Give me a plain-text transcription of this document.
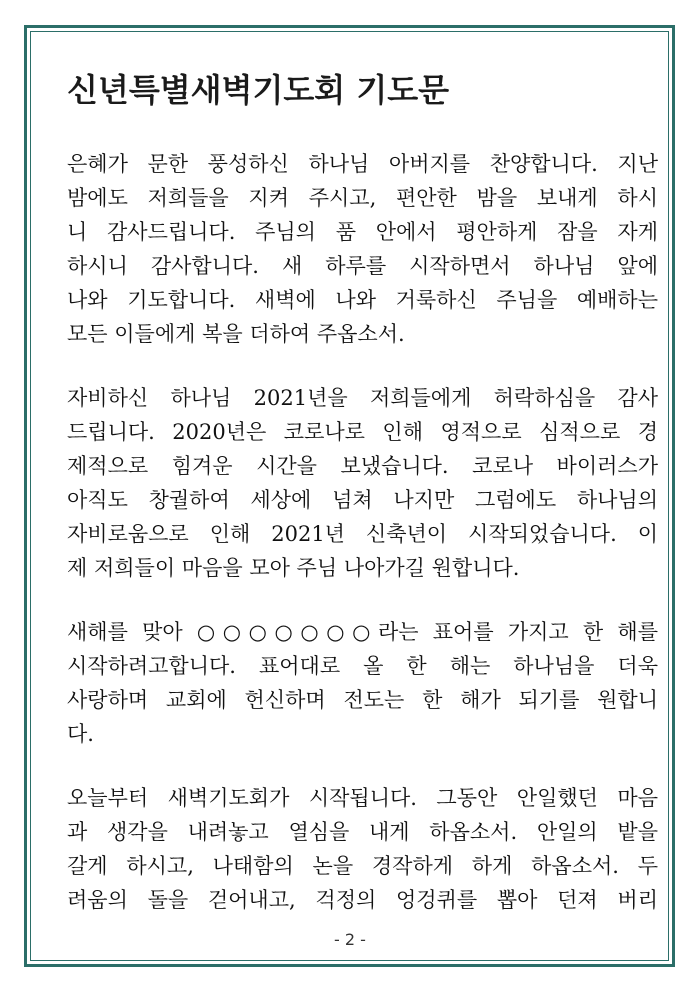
신년특별새벽기도회 기도문
은혜가 문한 풍성하신 하나님 아버지를 찬양합니다. 지난
밤에도 저희들을 지켜 주시고, 편안한 밤을 보내게 하시
니 감사드립니다. 주님의 품 안에서 평안하게 잠을 자게
하시니 감사합니다. 새 하루를 시작하면서 하나님 앞에
나와 기도합니다. 새벽에 나와 거룩하신 주님을 예배하는
모든 이들에게 복을 더하여 주옵소서.
자비하신 하나님 2021년을 저희들에게 허락하심을 감사
드립니다. 2020년은 코로나로 인해 영적으로 심적으로 경
제적으로 힘겨운 시간을 보냈습니다. 코로나 바이러스가
아직도 창궐하여 세상에 넘쳐 나지만 그럼에도 하나님의
자비로움으로 인해 2021년 신축년이 시작되었습니다. 이
제 저희들이 마음을 모아 주님 나아가길 원합니다.
새해를 맞아 ○○○○○○○라는 표어를 가지고 한 해를
시작하려고합니다. 표어대로 올 한 해는 하나님을 더욱
사랑하며 교회에 헌신하며 전도는 한 해가 되기를 원합니
다.
오늘부터 새벽기도회가 시작됩니다. 그동안 안일했던 마음
과 생각을 내려놓고 열심을 내게 하옵소서. 안일의 밭을
갈게 하시고, 나태함의 논을 경작하게 하게 하옵소서. 두
려움의 돌을 걷어내고, 걱정의 엉겅퀴를 뽑아 던져 버리
- 2 -
